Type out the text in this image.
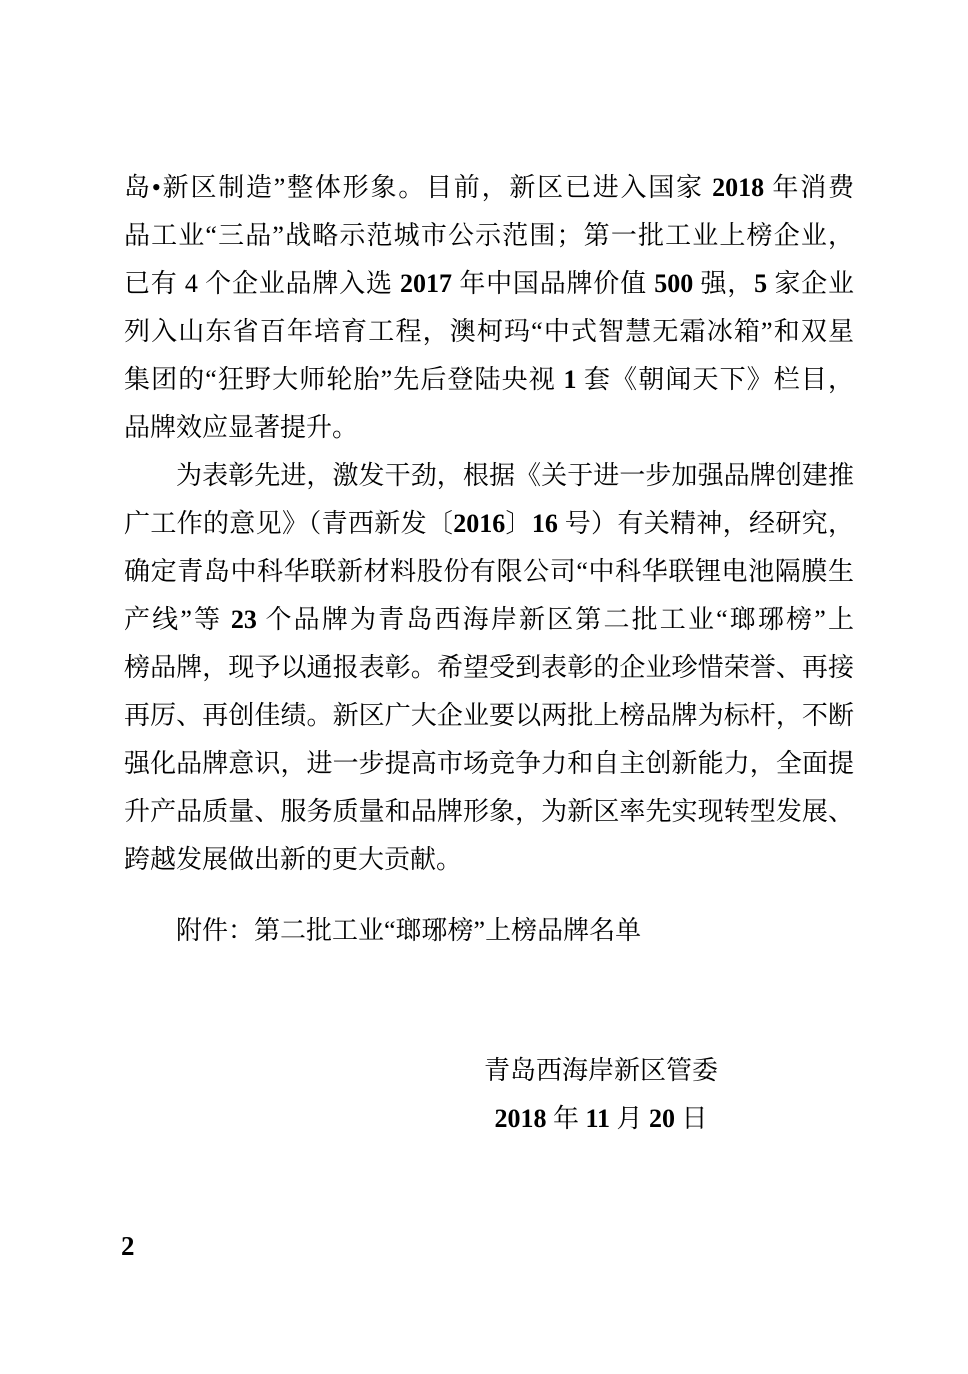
岛•新区制造”整体形象。目前，新区已进入国家 2018 年消费
品工业“三品”战略示范城市公示范围；第一批工业上榜企业，
已有 4 个企业品牌入选 2017 年中国品牌价值 500 强，5 家企业
列入山东省百年培育工程，澳柯玛“中式智慧无霜冰箱”和双星
集团的“狂野大师轮胎”先后登陆央视 1 套《朝闻天下》栏目，
品牌效应显著提升。
为表彰先进，激发干劲，根据《关于进一步加强品牌创建推
广工作的意见》（青西新发〔2016〕16 号）有关精神，经研究，
确定青岛中科华联新材料股份有限公司“中科华联锂电池隔膜生
产线”等 23 个品牌为青岛西海岸新区第二批工业“瑯琊榜”上
榜品牌，现予以通报表彰。希望受到表彰的企业珍惜荣誉、再接
再厉、再创佳绩。新区广大企业要以两批上榜品牌为标杆，不断
强化品牌意识，进一步提高市场竞争力和自主创新能力，全面提
升产品质量、服务质量和品牌形象，为新区率先实现转型发展、
跨越发展做出新的更大贡献。
附件：第二批工业“瑯琊榜”上榜品牌名单
青岛西海岸新区管委
2018 年 11 月 20 日
2
